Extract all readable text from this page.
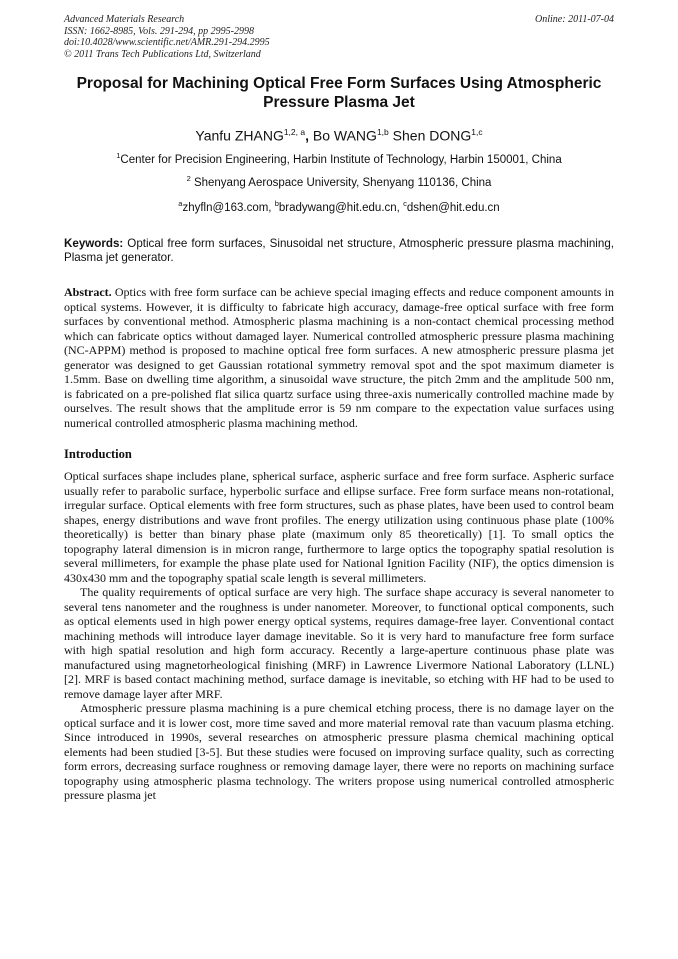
Advanced Materials Research
ISSN: 1662-8985, Vols. 291-294, pp 2995-2998
doi:10.4028/www.scientific.net/AMR.291-294.2995
© 2011 Trans Tech Publications Ltd, Switzerland
Online: 2011-07-04
Proposal for Machining Optical Free Form Surfaces Using Atmospheric Pressure Plasma Jet
Yanfu ZHANG$^{1,2, a}$, Bo WANG$^{1,b}$ Shen DONG$^{1,c}$
$^1$Center for Precision Engineering, Harbin Institute of Technology, Harbin 150001, China
$^2$ Shenyang Aerospace University, Shenyang 110136, China
$^a$zhyfln@163.com, $^b$bradywang@hit.edu.cn, $^c$dshen@hit.edu.cn
Keywords: Optical free form surfaces, Sinusoidal net structure, Atmospheric pressure plasma machining, Plasma jet generator.
Abstract. Optics with free form surface can be achieve special imaging effects and reduce component amounts in optical systems. However, it is difficulty to fabricate high accuracy, damage-free optical surface with free form surfaces by conventional method. Atmospheric plasma machining is a non-contact chemical processing method which can fabricate optics without damaged layer. Numerical controlled atmospheric pressure plasma machining (NC-APPM) method is proposed to machine optical free form surfaces. A new atmospheric pressure plasma jet generator was designed to get Gaussian rotational symmetry removal spot and the spot maximum diameter is 1.5mm. Base on dwelling time algorithm, a sinusoidal wave structure, the pitch 2mm and the amplitude 500 nm, is fabricated on a pre-polished flat silica quartz surface using three-axis numerically controlled machine made by ourselves. The result shows that the amplitude error is 59 nm compare to the expectation value surfaces using numerical controlled atmospheric plasma machining method.
Introduction
Optical surfaces shape includes plane, spherical surface, aspheric surface and free form surface. Aspheric surface usually refer to parabolic surface, hyperbolic surface and ellipse surface. Free form surface means non-rotational, irregular surface. Optical elements with free form structures, such as phase plates, have been used to control beam shapes, energy distributions and wave front profiles. The energy utilization using continuous phase plate (100% theoretically) is better than binary phase plate (maximum only 85 theoretically) [1]. To small optics the topography lateral dimension is in micron range, furthermore to large optics the topography spatial resolution is several millimeters, for example the phase plate used for National Ignition Facility (NIF), the optics dimension is 430x430 mm and the topography spatial scale length is several millimeters.
The quality requirements of optical surface are very high. The surface shape accuracy is several nanometer to several tens nanometer and the roughness is under nanometer. Moreover, to functional optical components, such as optical elements used in high power energy optical systems, requires damage-free layer. Conventional contact machining methods will introduce layer damage inevitable. So it is very hard to manufacture free form surface with high spatial resolution and high form accuracy. Recently a large-aperture continuous phase plate was manufactured using magnetorheological finishing (MRF) in Lawrence Livermore National Laboratory (LLNL) [2]. MRF is based contact machining method, surface damage is inevitable, so etching with HF had to be used to remove damage layer after MRF.
Atmospheric pressure plasma machining is a pure chemical etching process, there is no damage layer on the optical surface and it is lower cost, more time saved and more material removal rate than vacuum plasma etching. Since introduced in 1990s, several researches on atmospheric pressure plasma chemical machining optical elements had been studied [3-5]. But these studies were focused on improving surface quality, such as correcting form errors, decreasing surface roughness or removing damage layer, there were no reports on machining surface topography using atmospheric plasma technology. The writers propose using numerical controlled atmospheric pressure plasma jet
